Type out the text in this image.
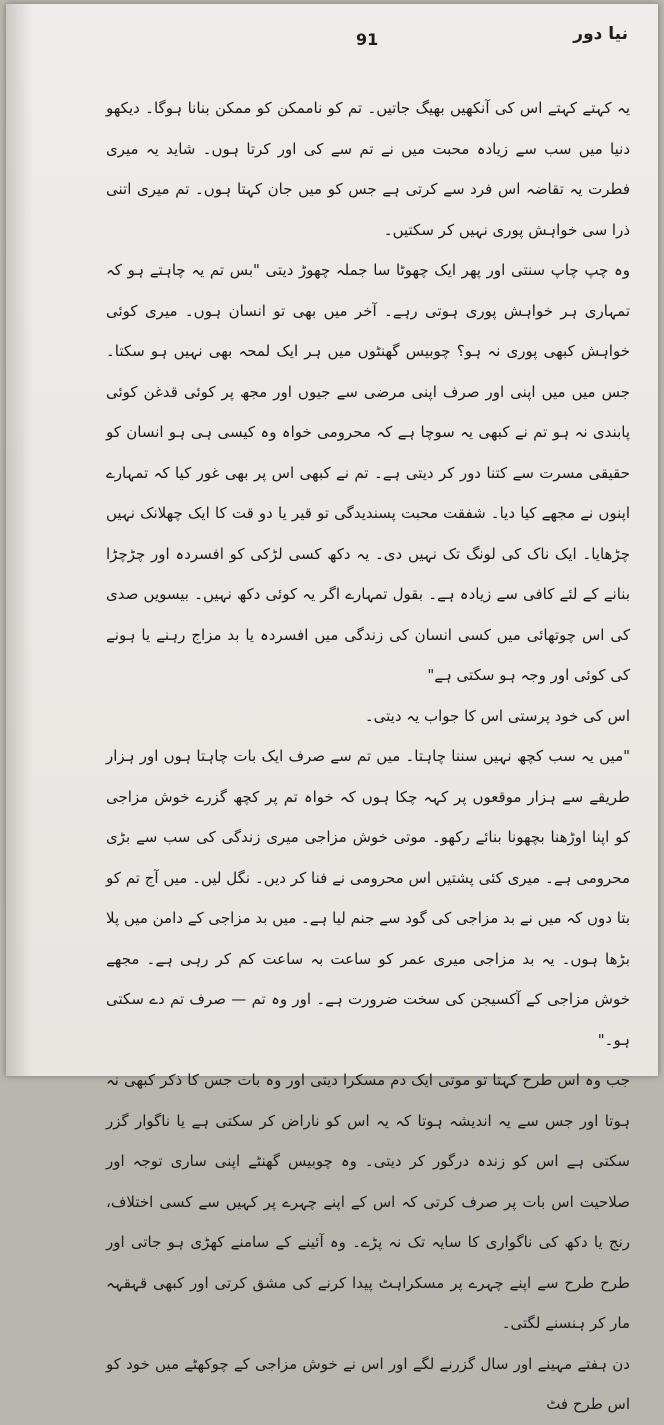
نیا دور
91

یہ کہتے کہتے اس کی آنکھیں بھیگ جاتیں۔ تم کو ناممکن کو ممکن بنانا ہوگا۔ دیکھو دنیا میں سب سے زیادہ محبت میں نے تم سے کی اور کرتا ہوں۔ شاید یہ میری فطرت یہ تقاضہ اس فرد سے کرتی ہے جس کو میں جان کہتا ہوں۔ تم میری اتنی ذرا سی خواہش پوری نہیں کر سکتیں۔

وہ چپ چاپ سنتی اور پھر ایک چھوٹا سا جملہ چھوڑ دیتی "بس تم یہ چاہتے ہو کہ تمہاری ہر خواہش پوری ہوتی رہے۔ آخر میں بھی تو انسان ہوں۔ میری کوئی خواہش کبھی پوری نہ ہو؟ چوبیس گھنٹوں میں ہر ایک لمحہ بھی نہیں ہو سکتا۔ جس میں میں اپنی اور صرف اپنی مرضی سے جیوں اور مجھ پر کوئی قدغن کوئی پابندی نہ ہو تم نے کبھی یہ سوچا ہے کہ محرومی خواہ وہ کیسی ہی ہو انسان کو حقیقی مسرت سے کتنا دور کر دیتی ہے۔ تم نے کبھی اس پر بھی غور کیا کہ تمہارے اپنوں نے مجھے کیا دیا۔ شفقت محبت پسندیدگی تو قیر یا دو قت کا ایک چھلانک نہیں چڑھایا۔ ایک ناک کی لونگ تک نہیں دی۔ یہ دکھ کسی لڑکی کو افسردہ اور چڑچڑا بنانے کے لئے کافی سے زیادہ ہے۔ بقول تمہارے اگر یہ کوئی دکھ نہیں۔ بیسویں صدی کی اس چوتھائی میں کسی انسان کی زندگی میں افسردہ یا بد مزاج رہنے یا ہونے کی کوئی اور وجہ ہو سکتی ہے"

اس کی خود پرستی اس کا جواب یہ دیتی۔

"میں یہ سب کچھ نہیں سننا چاہتا۔ میں تم سے صرف ایک بات چاہتا ہوں اور ہزار طریقے سے ہزار موقعوں پر کہہ چکا ہوں کہ خواہ تم پر کچھ گزرے خوش مزاجی کو اپنا اوڑھنا بچھونا بنائے رکھو۔ موتی خوش مزاجی میری زندگی کی سب سے بڑی محرومی ہے۔ میری کئی پشتیں اس محرومی نے فنا کر دیں۔ نگل لیں۔ میں آج تم کو بتا دوں کہ میں نے بد مزاجی کی گود سے جنم لیا ہے۔ میں بد مزاجی کے دامن میں پلا بڑھا ہوں۔ یہ بد مزاجی میری عمر کو ساعت بہ ساعت کم کر رہی ہے۔ مجھے خوش مزاجی کے آکسیجن کی سخت ضرورت ہے۔ اور وہ تم — صرف تم دے سکتی ہو۔"

جب وہ اس طرح کہتا تو موتی ایک دم مسکرا دیتی اور وہ بات جس کا ذکر کبھی نہ ہوتا اور جس سے یہ اندیشہ ہوتا کہ یہ اس کو ناراض کر سکتی ہے یا ناگوار گزر سکتی ہے اس کو زندہ درگور کر دیتی۔ وہ چوبیس گھنٹے اپنی ساری توجہ اور صلاحیت اس بات پر صرف کرتی کہ اس کے اپنے چہرے پر کہیں سے کسی اختلاف، رنج یا دکھ کی ناگواری کا سایہ تک نہ پڑے۔ وہ آئینے کے سامنے کھڑی ہو جاتی اور طرح طرح سے اپنے چہرے پر مسکراہٹ پیدا کرنے کی مشق کرتی اور کبھی قہقہہ مار کر ہنسنے لگتی۔

دن ہفتے مہینے اور سال گزرنے لگے اور اس نے خوش مزاجی کے چوکھٹے میں خود کو اس طرح فٹ
